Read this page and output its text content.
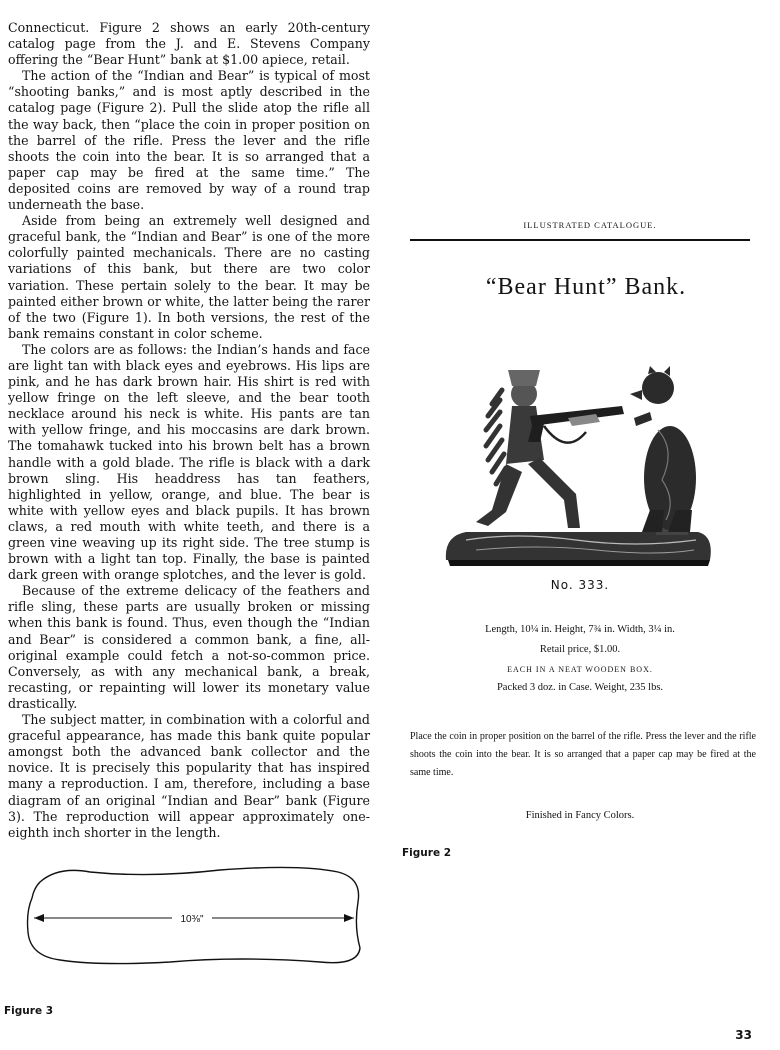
Connecticut. Figure 2 shows an early 20th-century catalog page from the J. and E. Stevens Company offering the “Bear Hunt” bank at $1.00 apiece, retail.

The action of the “Indian and Bear” is typical of most “shooting banks,” and is most aptly described in the catalog page (Figure 2). Pull the slide atop the rifle all the way back, then “place the coin in proper position on the barrel of the rifle. Press the lever and the rifle shoots the coin into the bear. It is so arranged that a paper cap may be fired at the same time.” The deposited coins are removed by way of a round trap underneath the base.

Aside from being an extremely well designed and graceful bank, the “Indian and Bear” is one of the more colorfully painted mechanicals. There are no casting variations of this bank, but there are two color variation. These pertain solely to the bear. It may be painted either brown or white, the latter being the rarer of the two (Figure 1). In both versions, the rest of the bank remains constant in color scheme.

The colors are as follows: the Indian’s hands and face are light tan with black eyes and eyebrows. His lips are pink, and he has dark brown hair. His shirt is red with yellow fringe on the left sleeve, and the bear tooth necklace around his neck is white. His pants are tan with yellow fringe, and his moccasins are dark brown. The tomahawk tucked into his brown belt has a brown handle with a gold blade. The rifle is black with a dark brown sling. His headdress has tan feathers, highlighted in yellow, orange, and blue. The bear is white with yellow eyes and black pupils. It has brown claws, a red mouth with white teeth, and there is a green vine weaving up its right side. The tree stump is brown with a light tan top. Finally, the base is painted dark green with orange splotches, and the lever is gold.

Because of the extreme delicacy of the feathers and rifle sling, these parts are usually broken or missing when this bank is found. Thus, even though the “Indian and Bear” is considered a common bank, a fine, all-original example could fetch a not-so-common price. Conversely, as with any mechanical bank, a break, recasting, or repainting will lower its monetary value drastically.

The subject matter, in combination with a colorful and graceful appearance, has made this bank quite popular amongst both the advanced bank collector and the novice. It is precisely this popularity that has inspired many a reproduction. I am, therefore, including a base diagram of an original “Indian and Bear” bank (Figure 3). The reproduction will appear approximately one-eighth inch shorter in the length.

ILLUSTRATED CATALOGUE.
“Bear Hunt” Bank.
No. 333.
Length, 10¼ in. Height, 7¾ in. Width, 3¼ in.
Retail price, $1.00.
EACH IN A NEAT WOODEN BOX.
Packed 3 doz. in Case. Weight, 235 lbs.
Place the coin in proper position on the barrel of the rifle. Press the lever and the rifle shoots the coin into the bear. It is so arranged that a paper cap may be fired at the same time.
Finished in Fancy Colors.
Figure 2
10⅜"
Figure 3
33
